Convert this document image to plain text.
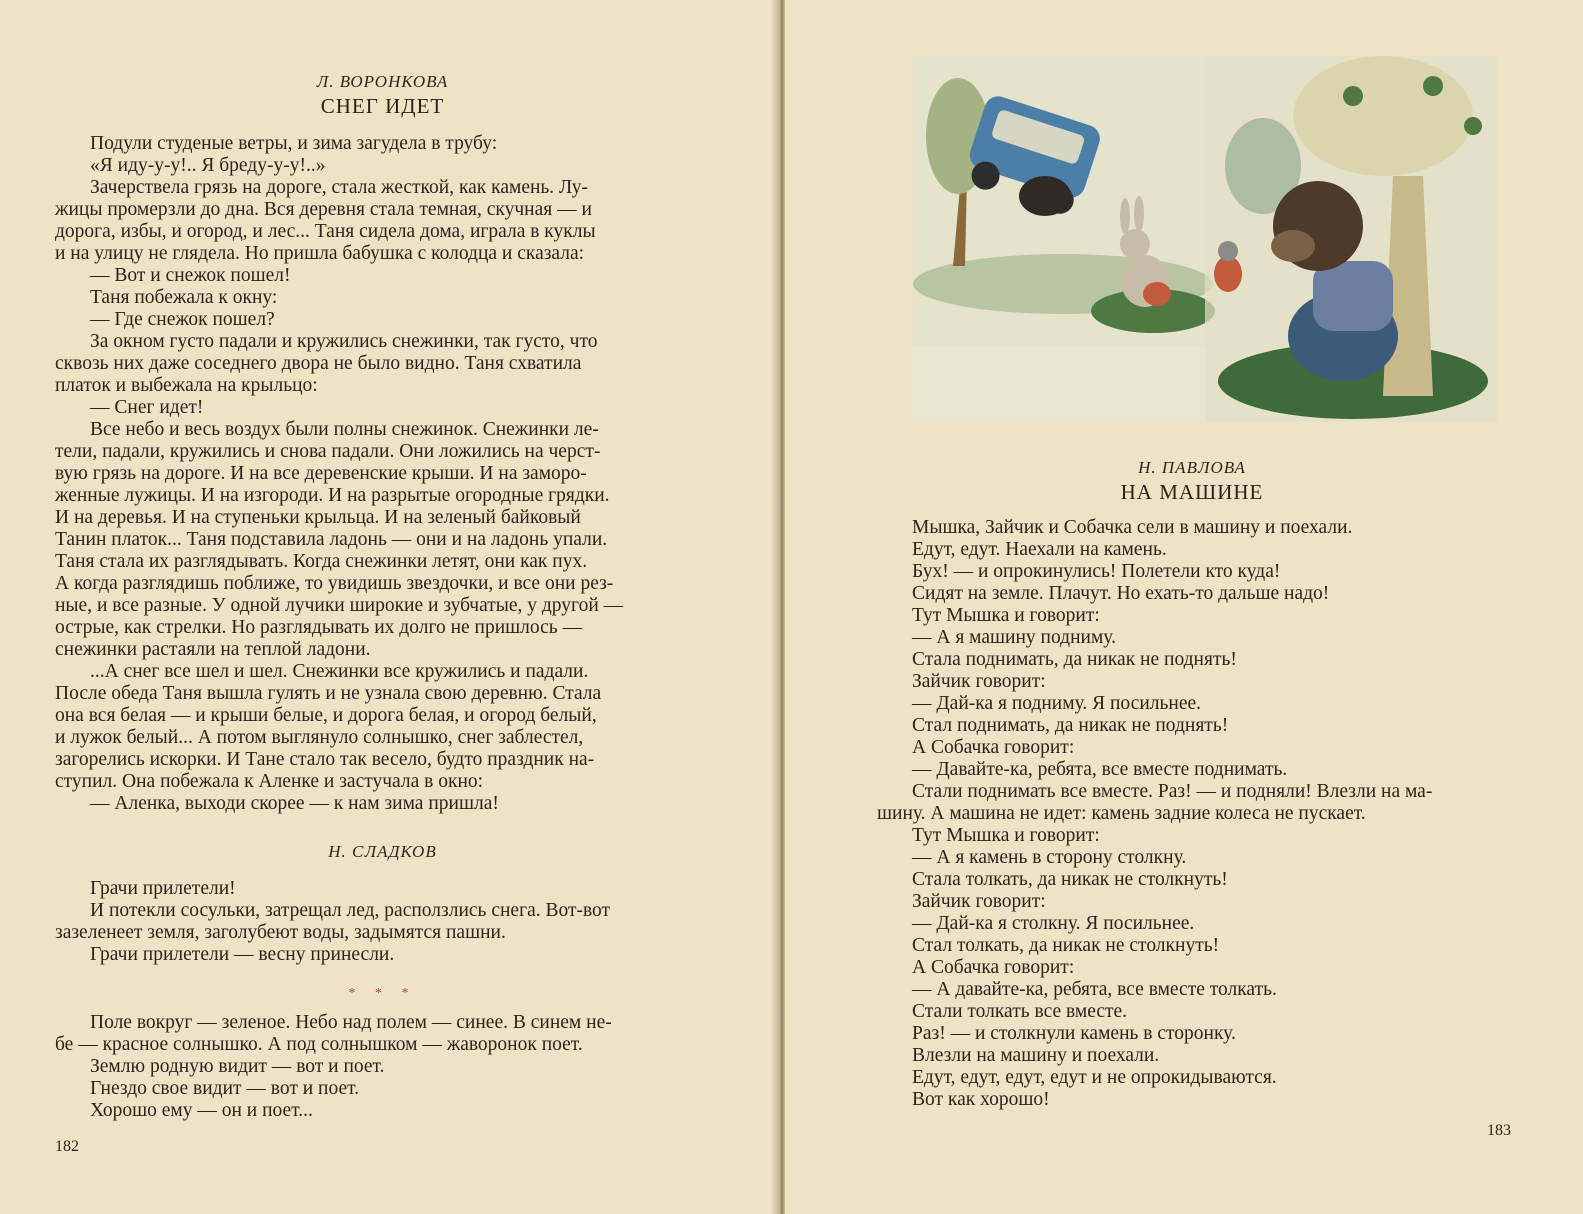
Л. ВОРОНКОВА

СНЕГ ИДЕТ

Подули студеные ветры, и зима загудела в трубу:

«Я иду-у-у!.. Я бреду-у-у!..»

Зачерствела грязь на дороге, стала жесткой, как камень. Лу-

жицы промерзли до дна. Вся деревня стала темная, скучная — и

дорога, избы, и огород, и лес... Таня сидела дома, играла в куклы

и на улицу не глядела. Но пришла бабушка с колодца и сказала:

— Вот и снежок пошел!

Таня побежала к окну:

— Где снежок пошел?

За окном густо падали и кружились снежинки, так густо, что

сквозь них даже соседнего двора не было видно. Таня схватила

платок и выбежала на крыльцо:

— Снег идет!

Все небо и весь воздух были полны снежинок. Снежинки ле-

тели, падали, кружились и снова падали. Они ложились на черст-

вую грязь на дороге. И на все деревенские крыши. И на заморо-

женные лужицы. И на изгороди. И на разрытые огородные грядки.

И на деревья. И на ступеньки крыльца. И на зеленый байковый

Танин платок... Таня подставила ладонь — они и на ладонь упали.

Таня стала их разглядывать. Когда снежинки летят, они как пух.

А когда разглядишь поближе, то увидишь звездочки, и все они рез-

ные, и все разные. У одной лучики широкие и зубчатые, у другой —

острые, как стрелки. Но разглядывать их долго не пришлось —

снежинки растаяли на теплой ладони.

...А снег все шел и шел. Снежинки все кружились и падали.

После обеда Таня вышла гулять и не узнала свою деревню. Стала

она вся белая — и крыши белые, и дорога белая, и огород белый,

и лужок белый... А потом выглянуло солнышко, снег заблестел,

загорелись искорки. И Тане стало так весело, будто праздник на-

ступил. Она побежала к Аленке и застучала в окно:

— Аленка, выходи скорее — к нам зима пришла!

Н. СЛАДКОВ

Грачи прилетели!

И потекли сосульки, затрещал лед, расползлись снега. Вот-вот

зазеленеет земля, заголубеют воды, задымятся пашни.

Грачи прилетели — весну принесли.

* * *

Поле вокруг — зеленое. Небо над полем — синее. В синем не-

бе — красное солнышко. А под солнышком — жаворонок поет.

Землю родную видит — вот и поет.

Гнездо свое видит — вот и поет.

Хорошо ему — он и поет...

182

Н. ПАВЛОВА

НА МАШИНЕ

Мышка, Зайчик и Собачка сели в машину и поехали.

Едут, едут. Наехали на камень.

Бух! — и опрокинулись! Полетели кто куда!

Сидят на земле. Плачут. Но ехать-то дальше надо!

Тут Мышка и говорит:

— А я машину подниму.

Стала поднимать, да никак не поднять!

Зайчик говорит:

— Дай-ка я подниму. Я посильнее.

Стал поднимать, да никак не поднять!

А Собачка говорит:

— Давайте-ка, ребята, все вместе поднимать.

Стали поднимать все вместе. Раз! — и подняли! Влезли на ма-

шину. А машина не идет: камень задние колеса не пускает.

Тут Мышка и говорит:

— А я камень в сторону столкну.

Стала толкать, да никак не столкнуть!

Зайчик говорит:

— Дай-ка я столкну. Я посильнее.

Стал толкать, да никак не столкнуть!

А Собачка говорит:

— А давайте-ка, ребята, все вместе толкать.

Стали толкать все вместе.

Раз! — и столкнули камень в сторонку.

Влезли на машину и поехали.

Едут, едут, едут, едут и не опрокидываются.

Вот как хорошо!

183
